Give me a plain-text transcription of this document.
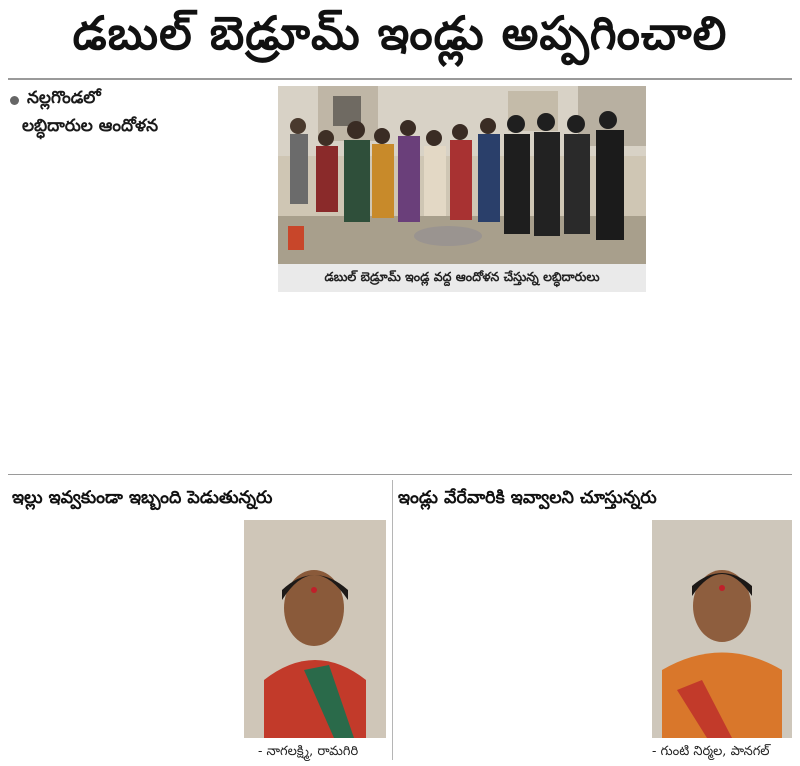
డబుల్ బెడ్రూమ్ ఇండ్లు అప్పగించాలి
నల్లగొండలో
లబ్ధిదారుల ఆందోళన

డబుల్ బెడ్రూమ్ ఇండ్ల వద్ద ఆందోళన చేస్తున్న లబ్ధిదారులు

ఇల్లు ఇవ్వకుండా ఇబ్బంది పెడుతున్నరు

- నాగలక్ష్మి, రామగిరి
ఇండ్లు వేరేవారికి ఇవ్వాలని చూస్తున్నరు

- గుంటి నిర్మల, పానగల్
